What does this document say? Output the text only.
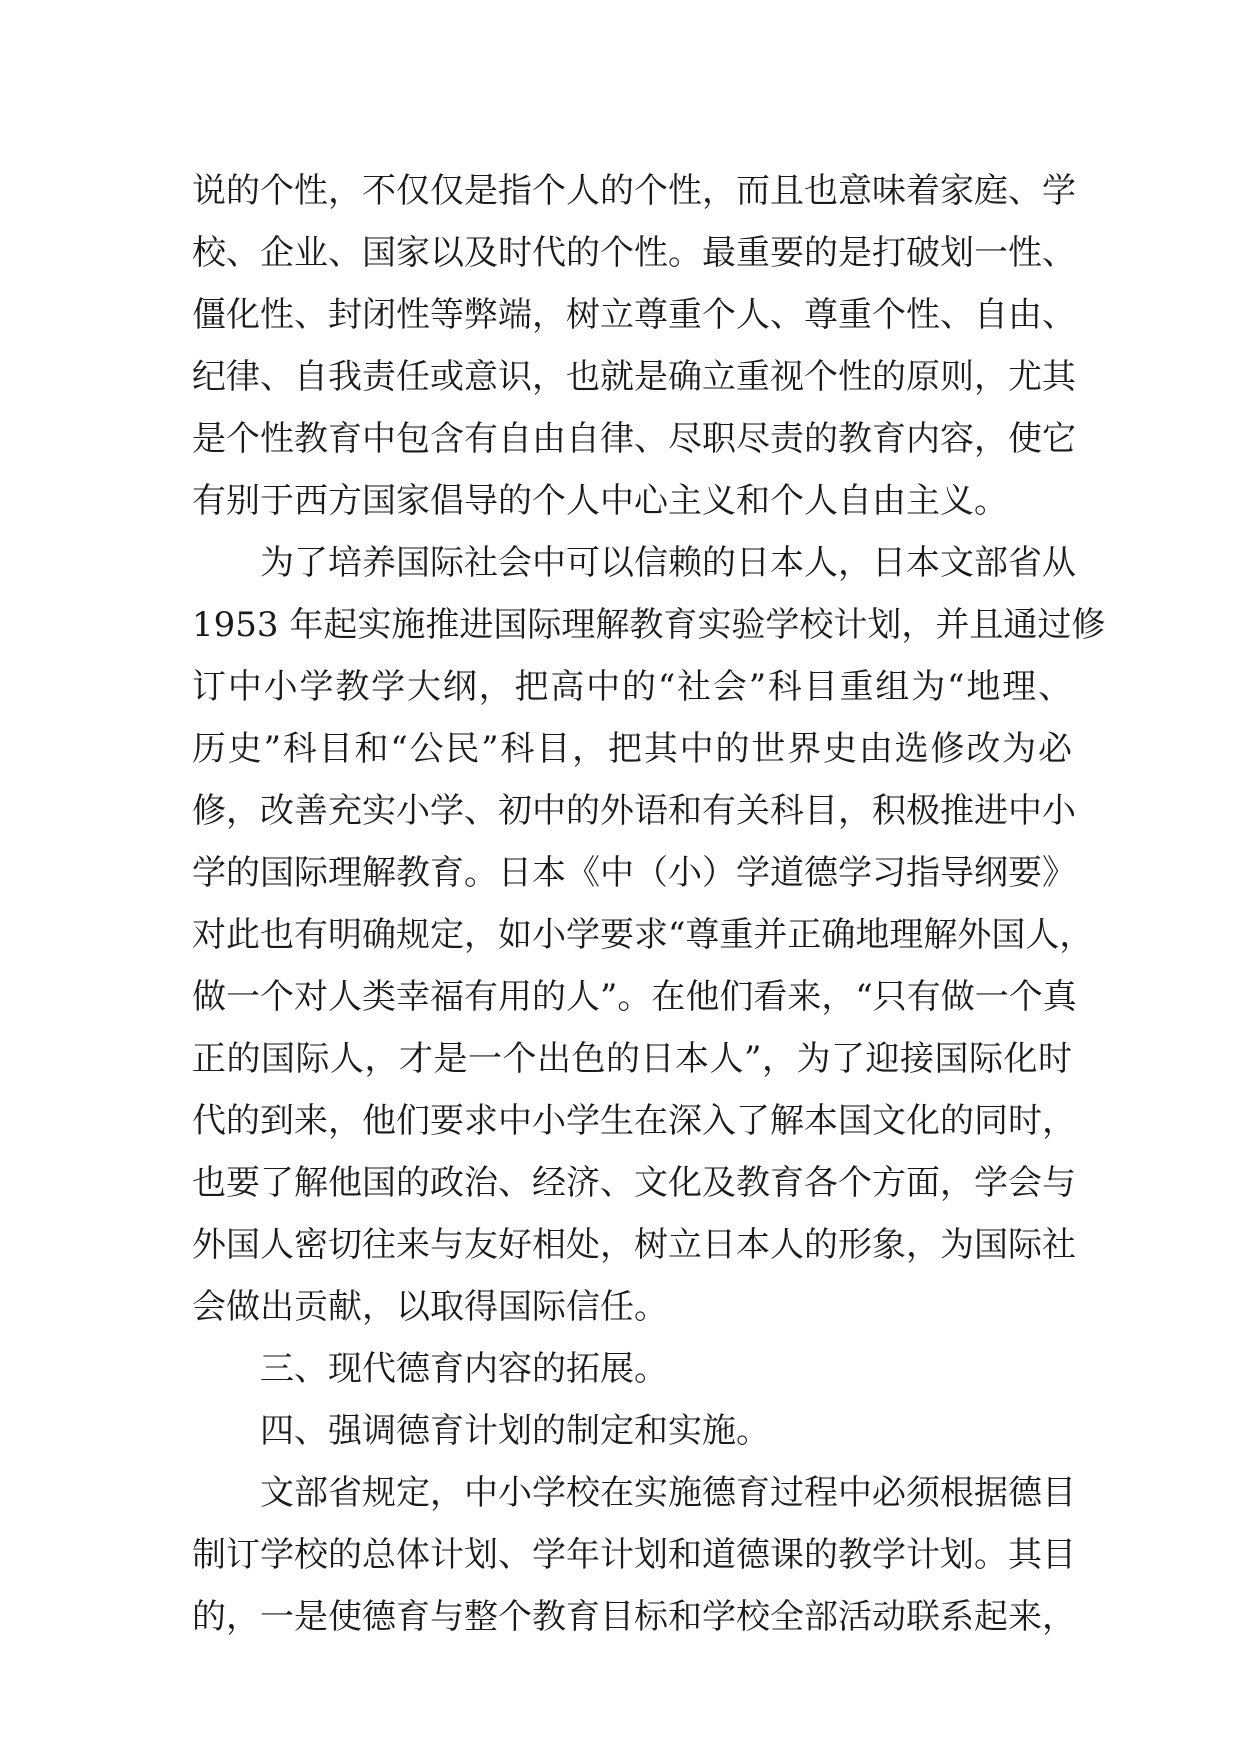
说的个性，不仅仅是指个人的个性，而且也意味着家庭、学
校、企业、国家以及时代的个性。最重要的是打破划一性、
僵化性、封闭性等弊端，树立尊重个人、尊重个性、自由、
纪律、自我责任或意识，也就是确立重视个性的原则，尤其
是个性教育中包含有自由自律、尽职尽责的教育内容，使它
有别于西方国家倡导的个人中心主义和个人自由主义。
为了培养国际社会中可以信赖的日本人，日本文部省从
1953 年起实施推进国际理解教育实验学校计划，并且通过修
订中小学教学大纲，把高中的“社会”科目重组为“地理、
历史”科目和“公民”科目，把其中的世界史由选修改为必
修，改善充实小学、初中的外语和有关科目，积极推进中小
学的国际理解教育。日本《中（小）学道德学习指导纲要》
对此也有明确规定，如小学要求“尊重并正确地理解外国人，
做一个对人类幸福有用的人”。在他们看来，“只有做一个真
正的国际人，才是一个出色的日本人”，为了迎接国际化时
代的到来，他们要求中小学生在深入了解本国文化的同时，
也要了解他国的政治、经济、文化及教育各个方面，学会与
外国人密切往来与友好相处，树立日本人的形象，为国际社
会做出贡献，以取得国际信任。
三、现代德育内容的拓展。
四、强调德育计划的制定和实施。
文部省规定，中小学校在实施德育过程中必须根据德目
制订学校的总体计划、学年计划和道德课的教学计划。其目
的，一是使德育与整个教育目标和学校全部活动联系起来，
